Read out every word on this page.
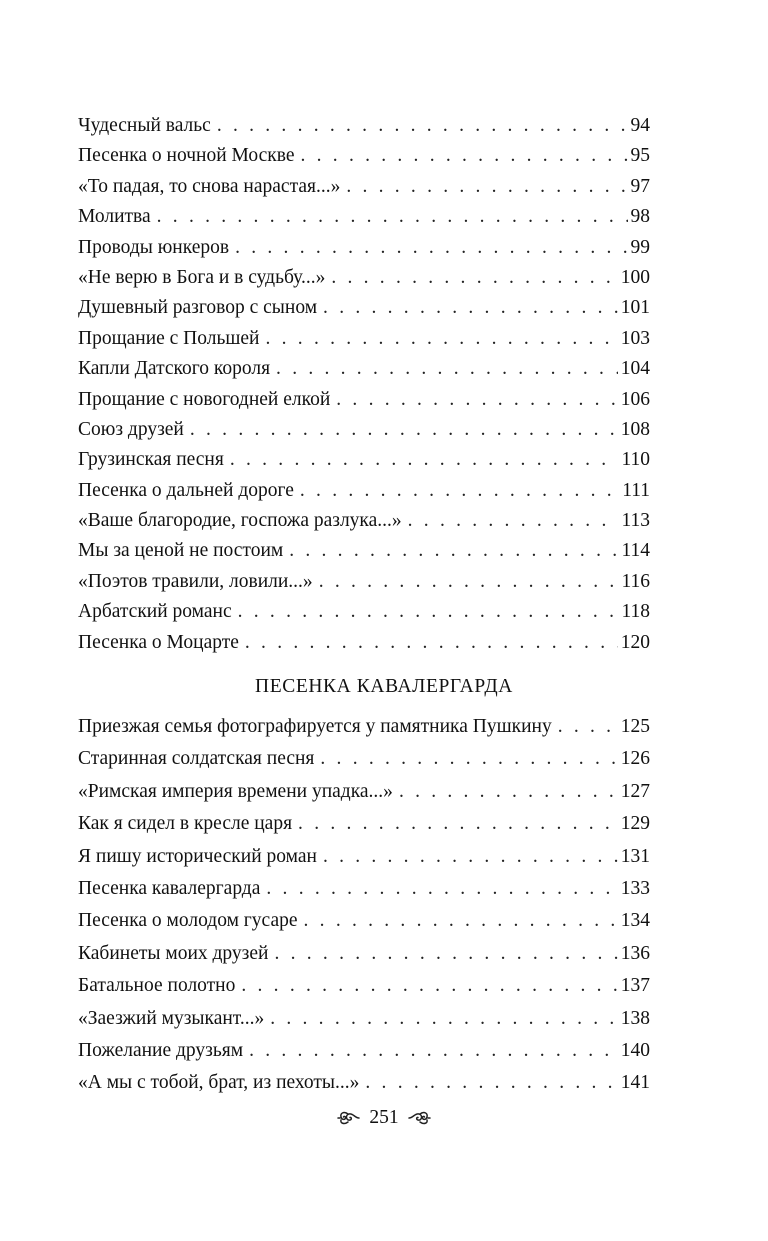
Чудесный вальс . . .	94
Песенка о ночной Москве . . .	95
«То падая, то снова нарастая...» . . .	97
Молитва . . .	98
Проводы юнкеров . . .	99
«Не верю в Бога и в судьбу...» . . .	100
Душевный разговор с сыном . . .	101
Прощание с Польшей . . .	103
Капли Датского короля . . .	104
Прощание с новогодней елкой . . .	106
Союз друзей . . .	108
Грузинская песня . . .	110
Песенка о дальней дороге . . .	111
«Ваше благородие, госпожа разлука...» . . .	113
Мы за ценой не постоим . . .	114
«Поэтов травили, ловили...» . . .	116
Арбатский романс . . .	118
Песенка о Моцарте . . .	120
ПЕСЕНКА КАВАЛЕРГАРДА
Приезжая семья фотографируется у памятника Пушкину . . .	125
Старинная солдатская песня . . .	126
«Римская империя времени упадка...» . . .	127
Как я сидел в кресле царя . . .	129
Я пишу исторический роман . . .	131
Песенка кавалергарда . . .	133
Песенка о молодом гусаре . . .	134
Кабинеты моих друзей . . .	136
Батальное полотно . . .	137
«Заезжий музыкант...» . . .	138
Пожелание друзьям . . .	140
«А мы с тобой, брат, из пехоты...» . . .	141
251
